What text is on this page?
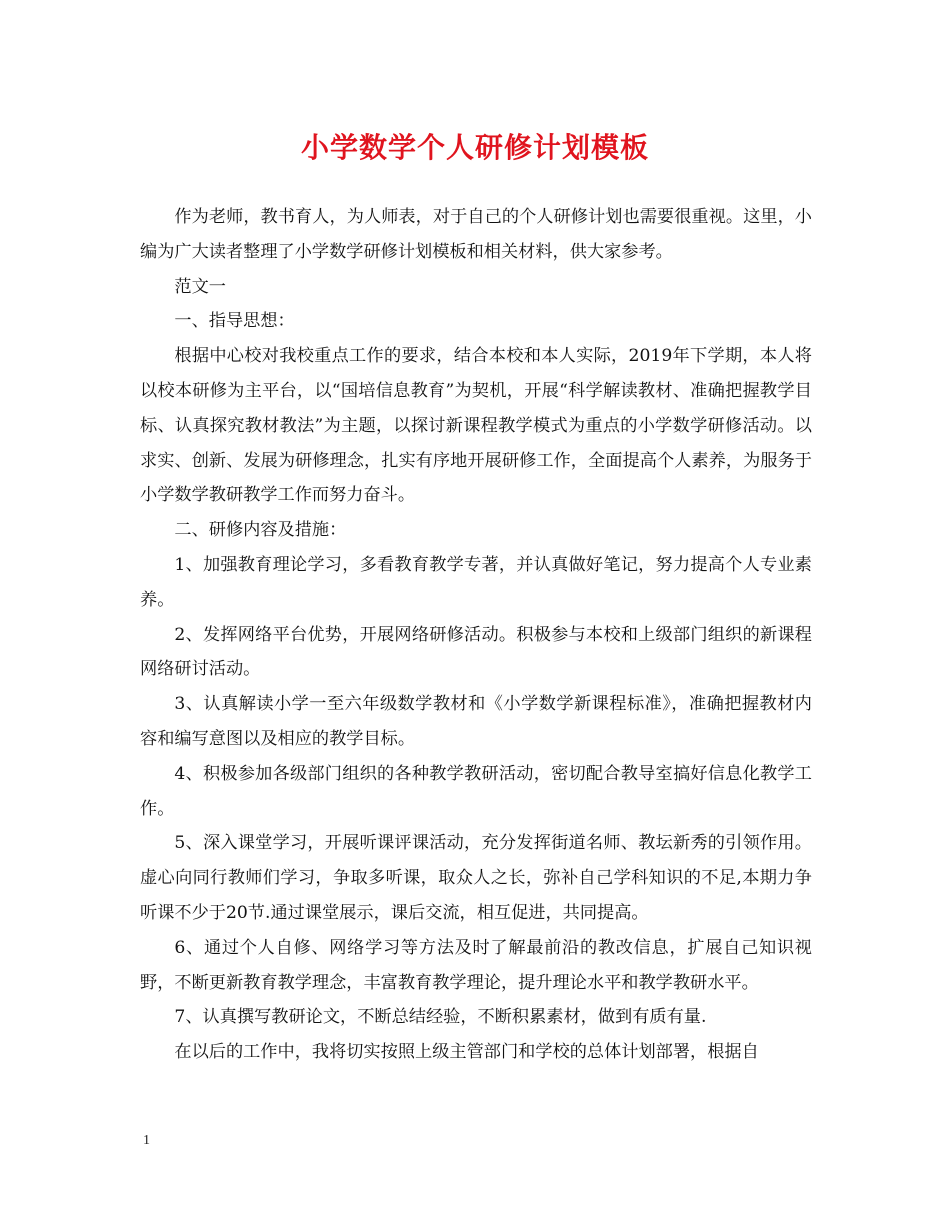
小学数学个人研修计划模板

作为老师，教书育人，为人师表，对于自己的个人研修计划也需要很重视。这里，小编为广大读者整理了小学数学研修计划模板和相关材料，供大家参考。

范文一

一、指导思想：

根据中心校对我校重点工作的要求，结合本校和本人实际，2019年下学期，本人将以校本研修为主平台，以“国培信息教育”为契机，开展“科学解读教材、准确把握教学目标、认真探究教材教法”为主题，以探讨新课程教学模式为重点的小学数学研修活动。以求实、创新、发展为研修理念，扎实有序地开展研修工作，全面提高个人素养，为服务于小学数学教研教学工作而努力奋斗。

二、研修内容及措施：

1、加强教育理论学习，多看教育教学专著，并认真做好笔记，努力提高个人专业素养。

2、发挥网络平台优势，开展网络研修活动。积极参与本校和上级部门组织的新课程网络研讨活动。

3、认真解读小学一至六年级数学教材和《小学数学新课程标准》，准确把握教材内容和编写意图以及相应的教学目标。

4、积极参加各级部门组织的各种教学教研活动，密切配合教导室搞好信息化教学工作。

5、深入课堂学习，开展听课评课活动，充分发挥街道名师、教坛新秀的引领作用。虚心向同行教师们学习，争取多听课，取众人之长，弥补自己学科知识的不足,本期力争听课不少于20节.通过课堂展示，课后交流，相互促进，共同提高。

6、通过个人自修、网络学习等方法及时了解最前沿的教改信息，扩展自己知识视野，不断更新教育教学理念，丰富教育教学理论，提升理论水平和教学教研水平。

7、认真撰写教研论文，不断总结经验，不断积累素材，做到有质有量.

在以后的工作中，我将切实按照上级主管部门和学校的总体计划部署，根据自

1
